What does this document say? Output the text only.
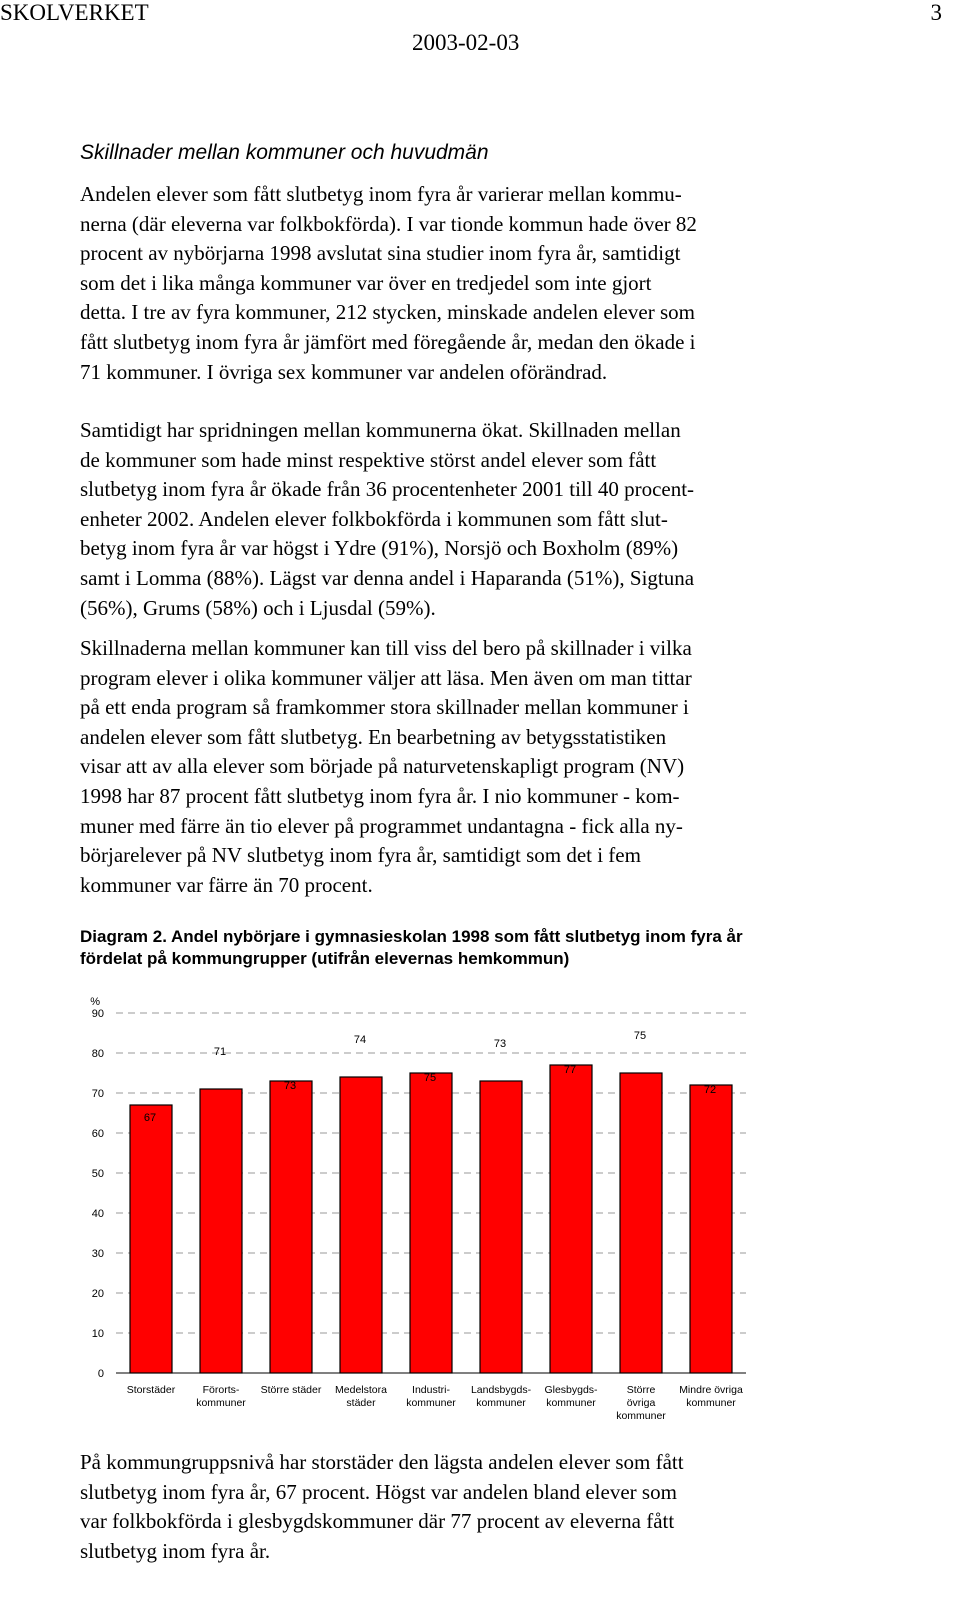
SKOLVERKET
2003-02-03
3
Skillnader mellan kommuner och huvudmän
Andelen elever som fått slutbetyg inom fyra år varierar mellan kommu-
nerna (där eleverna var folkbokförda). I var tionde kommun hade över 82
procent av nybörjarna 1998 avslutat sina studier inom fyra år, samtidigt
som det i lika många kommuner var över en tredjedel som inte gjort
detta. I tre av fyra kommuner, 212 stycken, minskade andelen elever som
fått slutbetyg inom fyra år jämfört med föregående år, medan den ökade i
71 kommuner. I övriga sex kommuner var andelen oförändrad.
Samtidigt har spridningen mellan kommunerna ökat. Skillnaden mellan
de kommuner som hade minst respektive störst andel elever som fått
slutbetyg inom fyra år ökade från 36 procentenheter 2001 till 40 procent-
enheter 2002. Andelen elever folkbokförda i kommunen som fått slut-
betyg inom fyra år var högst i Ydre (91%), Norsjö och Boxholm (89%)
samt i Lomma (88%). Lägst var denna andel i Haparanda (51%), Sigtuna
(56%), Grums (58%) och i Ljusdal (59%).
Skillnaderna mellan kommuner kan till viss del bero på skillnader i vilka
program elever i olika kommuner väljer att läsa. Men även om man tittar
på ett enda program så framkommer stora skillnader mellan kommuner i
andelen elever som fått slutbetyg. En bearbetning av betygsstatistiken
visar att av alla elever som började på naturvetenskapligt program (NV)
1998 har 87 procent fått slutbetyg inom fyra år. I nio kommuner - kom-
muner med färre än tio elever på programmet undantagna - fick alla ny-
börjarelever på NV slutbetyg inom fyra år, samtidigt som det i fem
kommuner var färre än 70 procent.
Diagram 2. Andel nybörjare i gymnasieskolan 1998 som fått slutbetyg inom fyra år
fördelat på kommungrupper (utifrån elevernas hemkommun)
0
10
20
30
40
50
60
70
80
90
%
67
Storstäder
71
Förorts-
kommuner
73
Större städer
74
Medelstora
städer
75
Industri-
kommuner
73
Landsbygds-
kommuner
77
Glesbygds-
kommuner
75
Större
övriga
kommuner
72
Mindre övriga
kommuner
På kommungruppsnivå har storstäder den lägsta andelen elever som fått
slutbetyg inom fyra år, 67 procent. Högst var andelen bland elever som
var folkbokförda i glesbygdskommuner där 77 procent av eleverna fått
slutbetyg inom fyra år.
